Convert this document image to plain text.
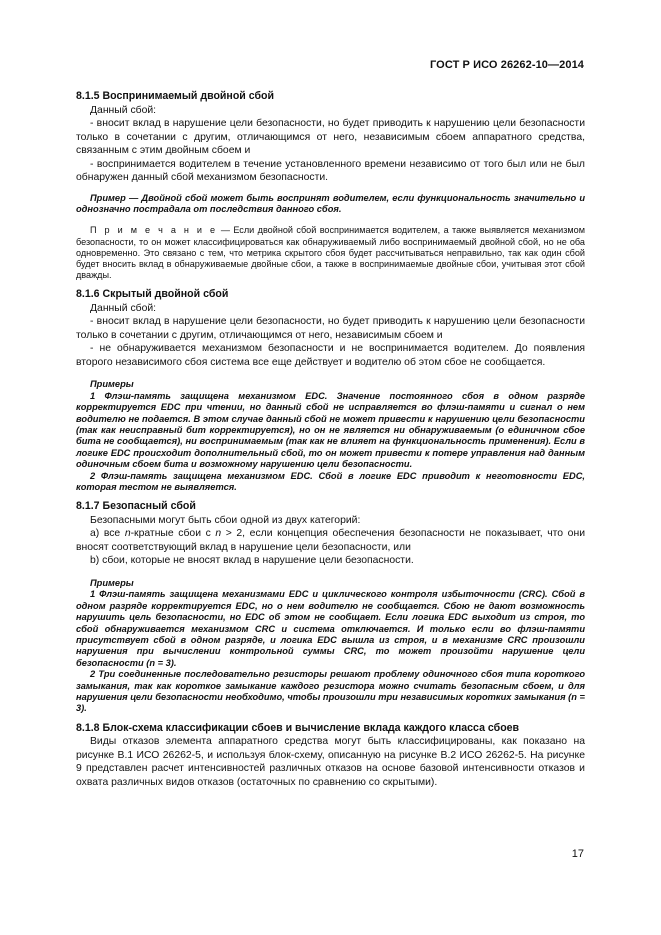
ГОСТ Р ИСО 26262-10—2014

8.1.5 Воспринимаемый двойной сбой

Данный сбой:

- вносит вклад в нарушение цели безопасности, но будет приводить к нарушению цели безопасности только в сочетании с другим, отличающимся от него, независимым сбоем аппаратного средства, связанным с этим двойным сбоем и

- воспринимается водителем в течение установленного времени независимо от того был или не был обнаружен данный сбой механизмом безопасности.

Пример — Двойной сбой может быть воспринят водителем, если функциональность значительно и однозначно пострадала от последствия данного сбоя.

П р и м е ч а н и е — Если двойной сбой воспринимается водителем, а также выявляется механизмом безопасности, то он может классифицироваться как обнаруживаемый либо воспринимаемый двойной сбой, но не оба одновременно. Это связано с тем, что метрика скрытого сбоя будет рассчитываться неправильно, так как один сбой будет вносить вклад в обнаруживаемые двойные сбои, а также в воспринимаемые двойные сбои, учитывая этот сбой дважды.

8.1.6 Скрытый двойной сбой

Данный сбой:

- вносит вклад в нарушение цели безопасности, но будет приводить к нарушению цели безопасности только в сочетании с другим, отличающимся от него, независимым сбоем и

- не обнаруживается механизмом безопасности и не воспринимается водителем. До появления второго независимого сбоя система все еще действует и водителю об этом сбое не сообщается.

Примеры

1 Флэш-память защищена механизмом EDC. Значение постоянного сбоя в одном разряде корректируется EDC при чтении, но данный сбой не исправляется во флэш-памяти и сигнал о нем водителю не подается. В этом случае данный сбой не может привести к нарушению цели безопасности (так как неисправный бит корректируется), но он не является ни обнаруживаемым (о единичном сбое бита не сообщается), ни воспринимаемым (так как не влияет на функциональность применения). Если в логике EDC происходит дополнительный сбой, то он может привести к потере управления над данным одиночным сбоем бита и возможному нарушению цели безопасности.

2 Флэш-память защищена механизмом EDC. Сбой в логике EDC приводит к неготовности EDC, которая тестом не выявляется.

8.1.7 Безопасный сбой

Безопасными могут быть сбои одной из двух категорий:

a) все n-кратные сбои с n > 2, если концепция обеспечения безопасности не показывает, что они вносят соответствующий вклад в нарушение цели безопасности, или

b) сбои, которые не вносят вклад в нарушение цели безопасности.

Примеры

1 Флэш-память защищена механизмами EDC и циклического контроля избыточности (CRC). Сбой в одном разряде корректируется EDC, но о нем водителю не сообщается. Сбою не дают возможность нарушить цель безопасности, но EDC об этом не сообщает. Если логика EDC выходит из строя, то сбой обнаруживается механизмом CRC и система отключается. И только если во флэш-памяти присутствует сбой в одном разряде, и логика EDC вышла из строя, и в механизме CRC произошли нарушения при вычислении контрольной суммы CRC, то может произойти нарушение цели безопасности (n = 3).

2 Три соединенные последовательно резисторы решают проблему одиночного сбоя типа короткого замыкания, так как короткое замыкание каждого резистора можно считать безопасным сбоем, и для нарушения цели безопасности необходимо, чтобы произошли три независимых коротких замыкания (n = 3).

8.1.8 Блок-схема классификации сбоев и вычисление вклада каждого класса сбоев

Виды отказов элемента аппаратного средства могут быть классифицированы, как показано на рисунке В.1 ИСО 26262-5, и используя блок-схему, описанную на рисунке В.2 ИСО 26262-5. На рисунке 9 представлен расчет интенсивностей различных отказов на основе базовой интенсивности отказов и охвата различных видов отказов (остаточных по сравнению со скрытыми).

17
